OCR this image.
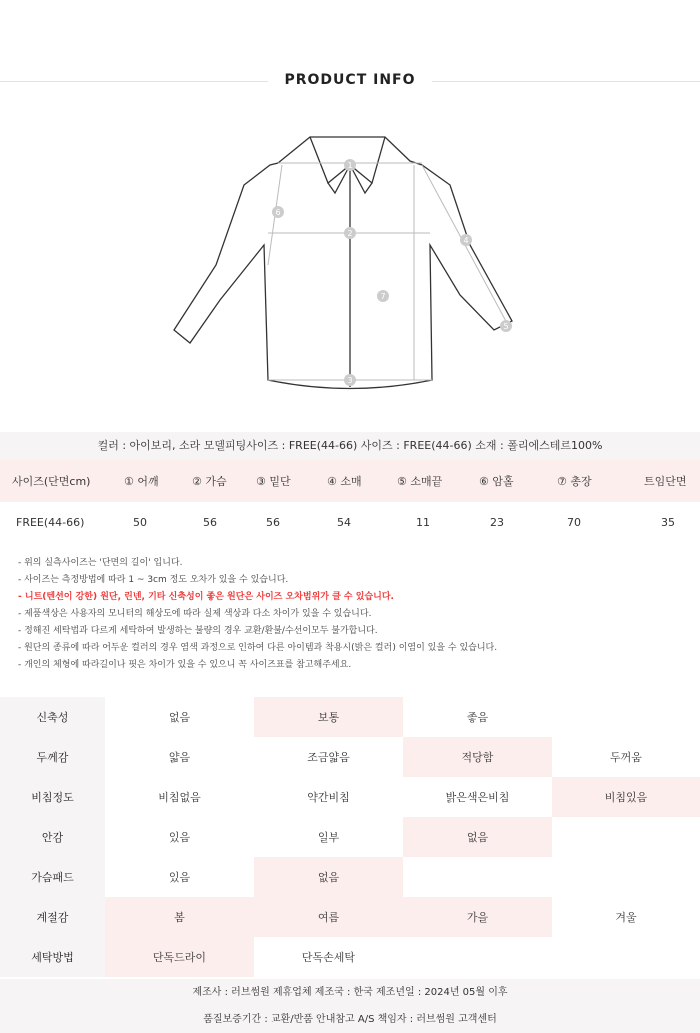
PRODUCT INFO
1
2
3
4
5
6
7
컬러 : 아이보리, 소라 모델피팅사이즈 : FREE(44-66) 사이즈 : FREE(44-66) 소재 : 폴리에스테르100%
사이즈(단면cm)	① 어깨	② 가슴	③ 밑단	④ 소매	⑤ 소매끝	⑥ 암홀	⑦ 총장	트임단면
FREE(44-66)	50	56	56	54	11	23	70	35
- 위의 실측사이즈는 '단면의 길이' 입니다.
- 사이즈는 측정방법에 따라 1 ~ 3cm 정도 오차가 있을 수 있습니다.
- 니트(텐션이 강한) 원단, 린넨, 기타 신축성이 좋은 원단은 사이즈 오차범위가 클 수 있습니다.
- 제품색상은 사용자의 모니터의 해상도에 따라 실제 색상과 다소 차이가 있을 수 있습니다.
- 정해진 세탁법과 다르게 세탁하여 발생하는 불량의 경우 교환/환불/수선이모두 불가합니다.
- 원단의 종류에 따라 어두운 컬러의 경우 염색 과정으로 인하여 다른 아이템과 착용시(밝은 컬러) 이염이 있을 수 있습니다.
- 개인의 체형에 따라길이나 핏은 차이가 있을 수 있으니 꼭 사이즈표를 참고해주세요.
신축성	없음	보통	좋음
두께감	얇음	조금얇음	적당함	두꺼움
비침정도	비침없음	약간비침	밝은색은비침	비침있음
안감	있음	일부	없음
가슴패드	있음	없음
계절감	봄	여름	가을	겨울
세탁방법	단독드라이	단독손세탁
제조사 : 러브썸원 제휴업체 제조국 : 한국 제조년일 : 2024년 05월 이후
품질보증기간 : 교환/반품 안내참고 A/S 책임자 : 러브썸원 고객센터
